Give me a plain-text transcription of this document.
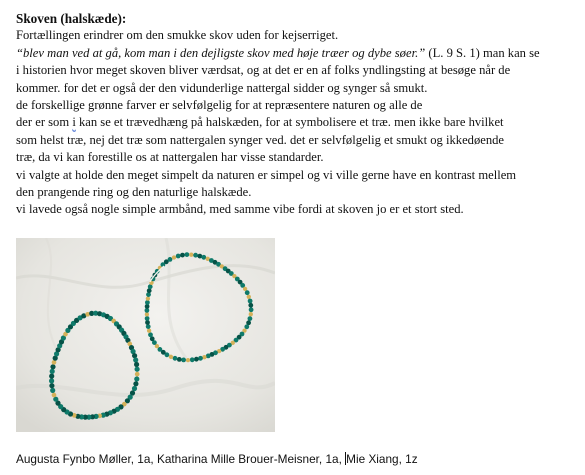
Skoven (halskæde):

Fortællingen erindrer om den smukke skov uden for kejserriget.

“blev man ved at gå, kom man i den dejligste skov med høje træer og dybe søer.” (L. 9 S. 1) man kan se

i historien hvor meget skoven bliver værdsat, og at det er en af folks yndlingsting at besøge når de

kommer. for det er også der den vidunderlige nattergal sidder og synger så smukt.

de forskellige grønne farver er selvfølgelig for at repræsentere naturen og alle de

der er som i kan se et trævedhæng på halskæden, for at symbolisere et træ. men ikke bare hvilket

som helst træ, nej det træ som nattergalen synger ved. det er selvfølgelig et smukt og ikkedøende

træ, da vi kan forestille os at nattergalen har visse standarder.

vi valgte at holde den meget simpelt da naturen er simpel og vi ville gerne have en kontrast mellem

den prangende ring og den naturlige halskæde.

vi lavede også nogle simple armbånd, med samme vibe fordi at skoven jo er et stort sted.

Augusta Fynbo Møller, 1a, Katharina Mille Brouer-Meisner, 1a, Mie Xiang, 1z
